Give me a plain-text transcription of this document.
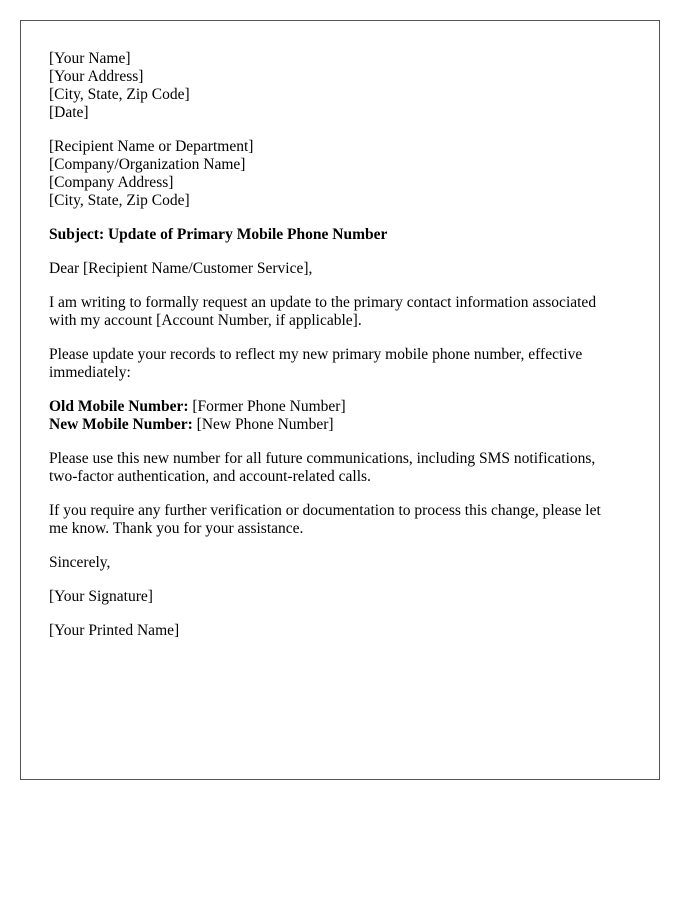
[Your Name]
[Your Address]
[City, State, Zip Code]
[Date]
[Recipient Name or Department]
[Company/Organization Name]
[Company Address]
[City, State, Zip Code]
Subject: Update of Primary Mobile Phone Number
Dear [Recipient Name/Customer Service],
I am writing to formally request an update to the primary contact information associated
with my account [Account Number, if applicable].
Please update your records to reflect my new primary mobile phone number, effective
immediately:
Old Mobile Number: [Former Phone Number]
New Mobile Number: [New Phone Number]
Please use this new number for all future communications, including SMS notifications,
two-factor authentication, and account-related calls.
If you require any further verification or documentation to process this change, please let
me know. Thank you for your assistance.
Sincerely,
[Your Signature]
[Your Printed Name]
